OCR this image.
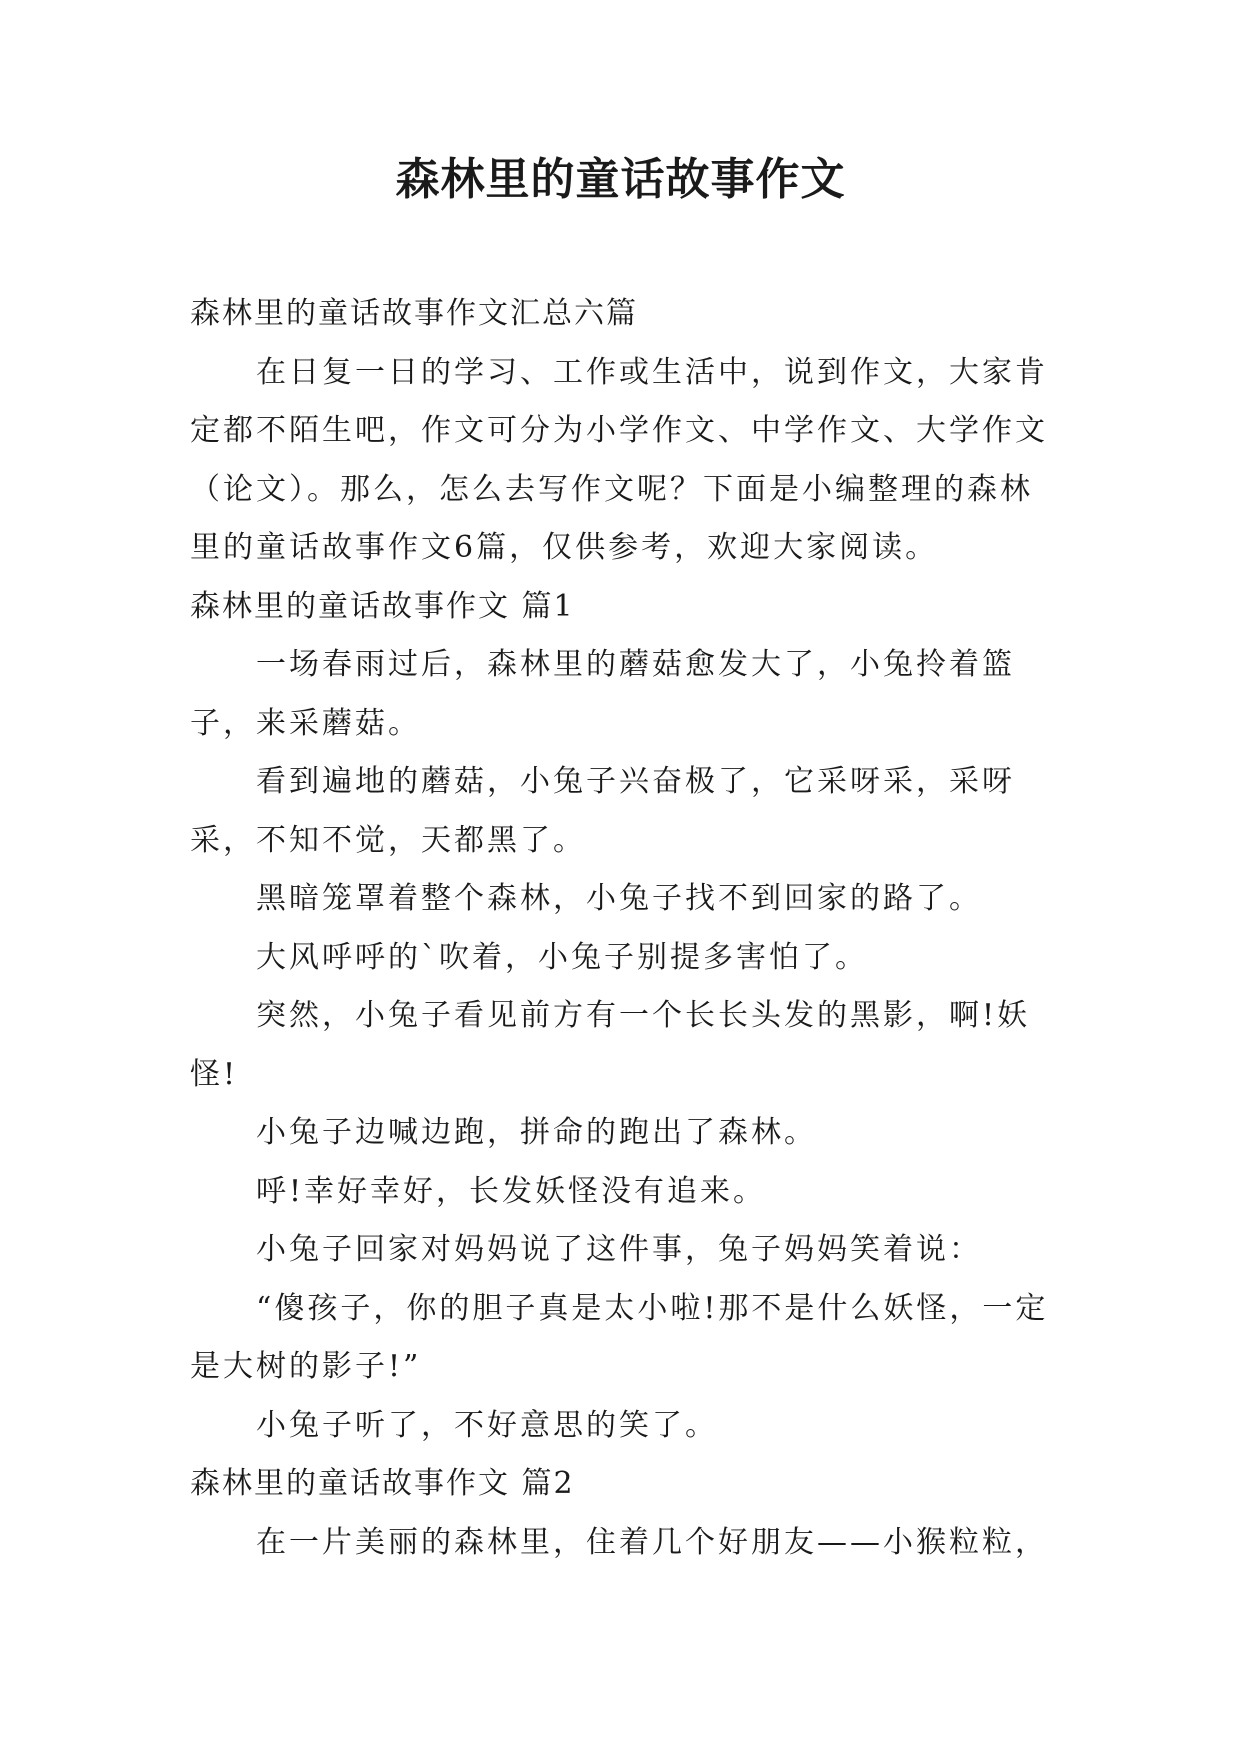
森林里的童话故事作文

森林里的童话故事作文汇总六篇

在日复一日的学习、工作或生活中，说到作文，大家肯定都不陌生吧，作文可分为小学作文、中学作文、大学作文（论文）。那么，怎么去写作文呢？下面是小编整理的森林里的童话故事作文6篇，仅供参考，欢迎大家阅读。

森林里的童话故事作文 篇1

一场春雨过后，森林里的蘑菇愈发大了，小兔拎着篮子，来采蘑菇。

看到遍地的蘑菇，小兔子兴奋极了，它采呀采，采呀采，不知不觉，天都黑了。

黑暗笼罩着整个森林，小兔子找不到回家的路了。

大风呼呼的`吹着，小兔子别提多害怕了。

突然，小兔子看见前方有一个长长头发的黑影，啊!妖怪!

小兔子边喊边跑，拼命的跑出了森林。

呼!幸好幸好，长发妖怪没有追来。

小兔子回家对妈妈说了这件事，兔子妈妈笑着说：

“傻孩子，你的胆子真是太小啦!那不是什么妖怪，一定是大树的影子!”

小兔子听了，不好意思的笑了。

森林里的童话故事作文 篇2

在一片美丽的森林里，住着几个好朋友——小猴粒粒，
